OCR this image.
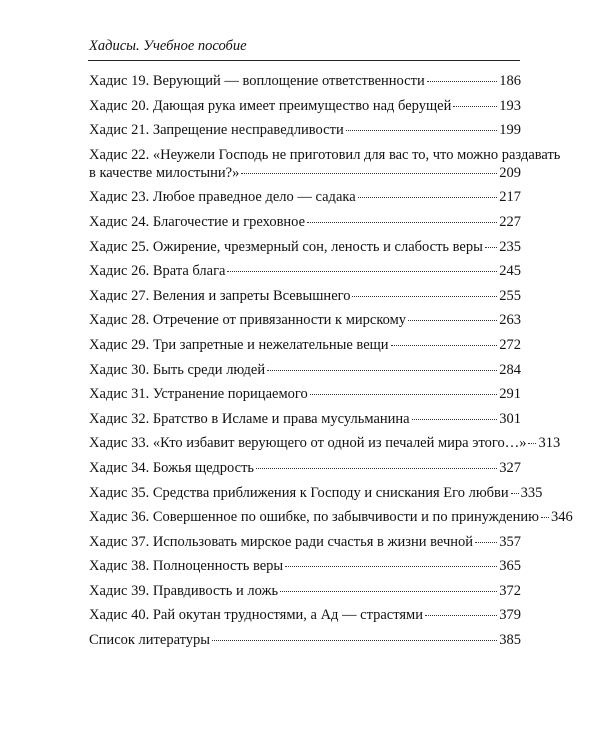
Хадисы. Учебное пособие
Хадис 19. Верующий — воплощение ответственности	186
Хадис 20. Дающая рука имеет преимущество над берущей	193
Хадис 21. Запрещение несправедливости	199
Хадис 22. «Неужели Господь не приготовил для вас то, что можно раздавать
в качестве милостыни?»	209
Хадис 23. Любое праведное дело — садака	217
Хадис 24. Благочестие и греховное	227
Хадис 25. Ожирение, чрезмерный сон, леность и слабость веры 235
Хадис 26. Врата блага	245
Хадис 27. Веления и запреты Всевышнего	255
Хадис 28. Отречение от привязанности к мирскому	263
Хадис 29. Три запретные и нежелательные вещи	272
Хадис 30. Быть среди людей	284
Хадис 31. Устранение порицаемого	291
Хадис 32. Братство в Исламе и права мусульманина	301
Хадис 33. «Кто избавит верующего от одной из печалей мира этого…» 313
Хадис 34. Божья щедрость	327
Хадис 35. Средства приближения к Господу и снискания Его любви 335
Хадис 36. Совершенное по ошибке, по забывчивости и по принуждению 346
Хадис 37. Использовать мирское ради счастья в жизни вечной 357
Хадис 38. Полноценность веры	365
Хадис 39. Правдивость и ложь	372
Хадис 40. Рай окутан трудностями, а Ад — страстями	379
Список литературы	385
